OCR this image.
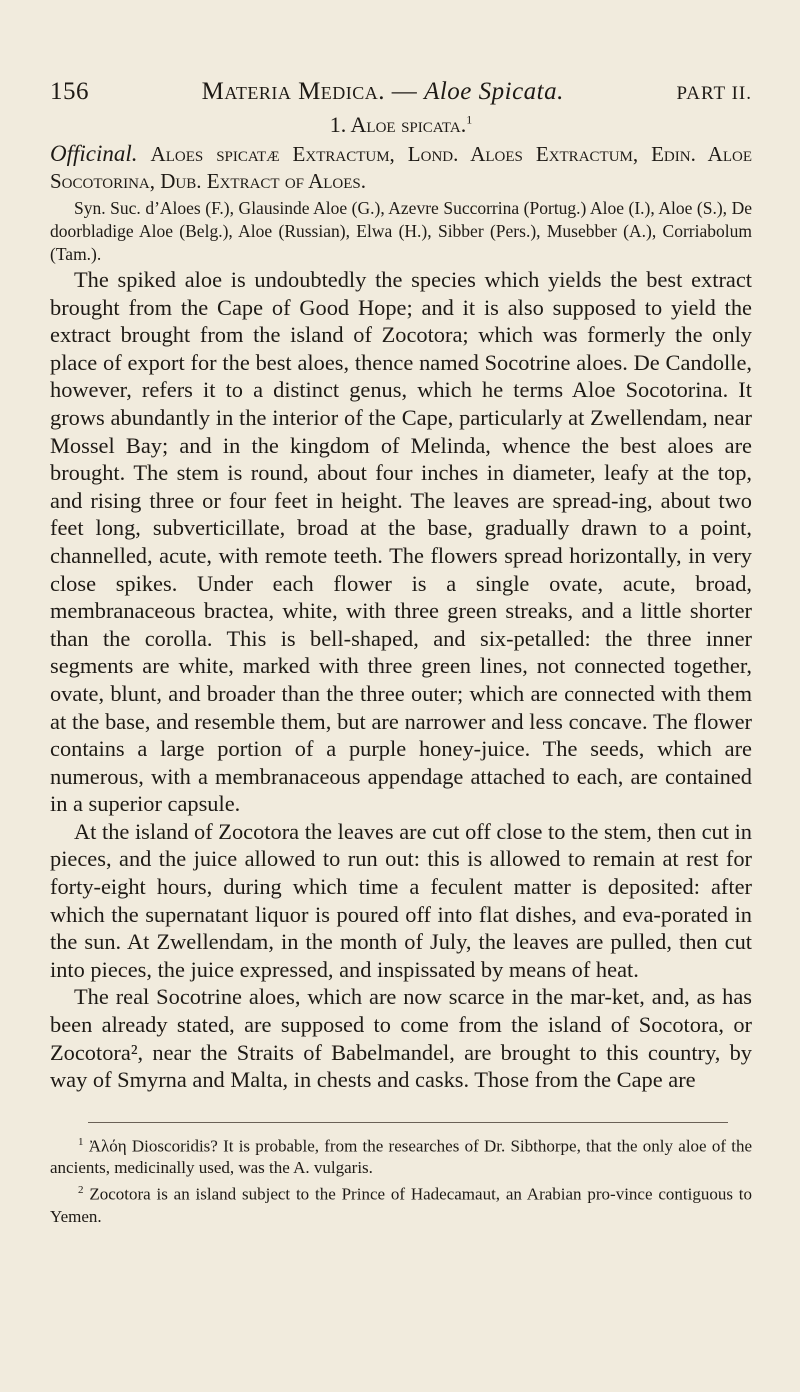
156	Materia Medica. — Aloe Spicata.	PART II.
1. Aloe spicata.$^1$

Officinal. Aloes spicatæ Extractum, Lond. Aloes Extractum, Edin. Aloe Socotorina, Dub. Extract of Aloes.

Syn. Suc. d’Aloes (F.), Glausinde Aloe (G.), Azevre Succorrina (Portug.) Aloe (I.), Aloe (S.), De doorbladige Aloe (Belg.), Aloe (Russian), Elwa (H.), Sibber (Pers.), Musebber (A.), Corriabolum (Tam.).

The spiked aloe is undoubtedly the species which yields the best extract brought from the Cape of Good Hope; and it is also supposed to yield the extract brought from the island of Zocotora; which was formerly the only place of export for the best aloes, thence named Socotrine aloes. De Candolle, however, refers it to a distinct genus, which he terms Aloe Socotorina. It grows abundantly in the interior of the Cape, particularly at Zwellendam, near Mossel Bay; and in the kingdom of Melinda, whence the best aloes are brought. The stem is round, about four inches in diameter, leafy at the top, and rising three or four feet in height. The leaves are spread-ing, about two feet long, subverticillate, broad at the base, gradually drawn to a point, channelled, acute, with remote teeth. The flowers spread horizontally, in very close spikes. Under each flower is a single ovate, acute, broad, membranaceous bractea, white, with three green streaks, and a little shorter than the corolla. This is bell-shaped, and six-petalled: the three inner segments are white, marked with three green lines, not connected together, ovate, blunt, and broader than the three outer; which are connected with them at the base, and resemble them, but are narrower and less concave. The flower contains a large portion of a purple honey-juice. The seeds, which are numerous, with a membranaceous appendage attached to each, are contained in a superior capsule.

At the island of Zocotora the leaves are cut off close to the stem, then cut in pieces, and the juice allowed to run out: this is allowed to remain at rest for forty-eight hours, during which time a feculent matter is deposited: after which the supernatant liquor is poured off into flat dishes, and eva-porated in the sun. At Zwellendam, in the month of July, the leaves are pulled, then cut into pieces, the juice expressed, and inspissated by means of heat.

The real Socotrine aloes, which are now scarce in the mar-ket, and, as has been already stated, are supposed to come from the island of Socotora, or Zocotora², near the Straits of Babelmandel, are brought to this country, by way of Smyrna and Malta, in chests and casks. Those from the Cape are

$^1$ Ἀλόη Dioscoridis? It is probable, from the researches of Dr. Sibthorpe, that the only aloe of the ancients, medicinally used, was the A. vulgaris.

$^2$ Zocotora is an island subject to the Prince of Hadecamaut, an Arabian pro-vince contiguous to Yemen.
